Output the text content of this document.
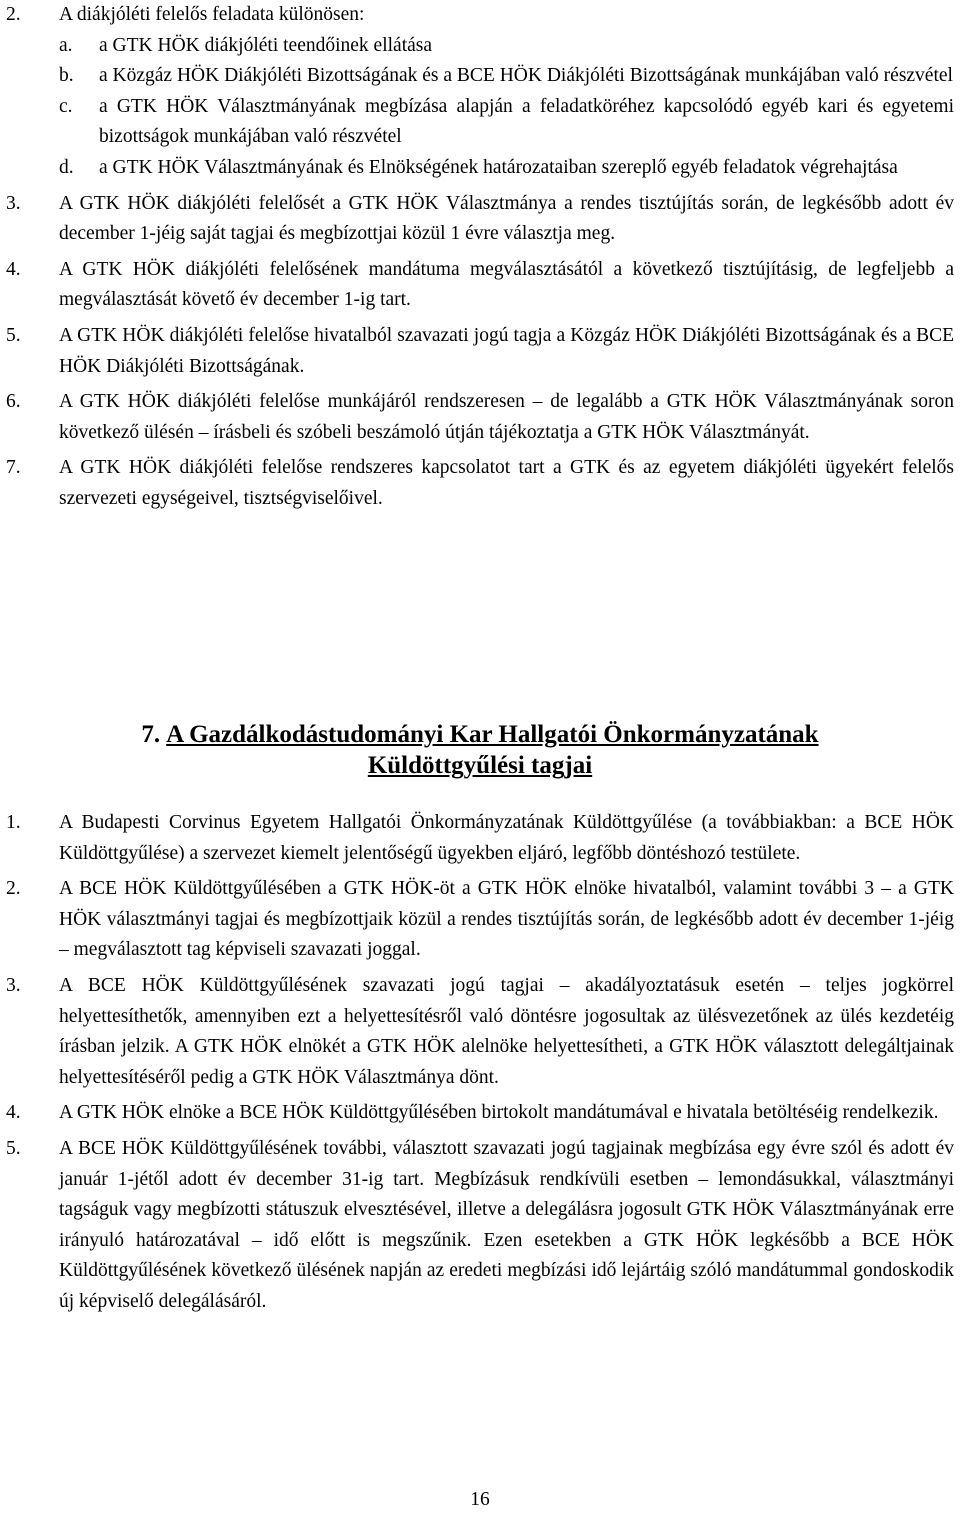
2. A diákjóléti felelős feladata különösen:
a. a GTK HÖK diákjóléti teendőinek ellátása
b. a Közgáz HÖK Diákjóléti Bizottságának és a BCE HÖK Diákjóléti Bizottságának munkájában való részvétel
c. a GTK HÖK Választmányának megbízása alapján a feladatköréhez kapcsolódó egyéb kari és egyetemi bizottságok munkájában való részvétel
d. a GTK HÖK Választmányának és Elnökségének határozataiban szereplő egyéb feladatok végrehajtása
3. A GTK HÖK diákjóléti felelősét a GTK HÖK Választmánya a rendes tisztújítás során, de legkésőbb adott év december 1-jéig saját tagjai és megbízottjai közül 1 évre választja meg.
4. A GTK HÖK diákjóléti felelősének mandátuma megválasztásától a következő tisztújításig, de legfeljebb a megválasztását követő év december 1-ig tart.
5. A GTK HÖK diákjóléti felelőse hivatalból szavazati jogú tagja a Közgáz HÖK Diákjóléti Bizottságának és a BCE HÖK Diákjóléti Bizottságának.
6. A GTK HÖK diákjóléti felelőse munkájáról rendszeresen – de legalább a GTK HÖK Választmányának soron következő ülésén – írásbeli és szóbeli beszámoló útján tájékoztatja a GTK HÖK Választmányát.
7. A GTK HÖK diákjóléti felelőse rendszeres kapcsolatot tart a GTK és az egyetem diákjóléti ügyekért felelős szervezeti egységeivel, tisztségviselőivel.
7. A Gazdálkodástudományi Kar Hallgatói Önkormányzatának
Küldöttgyűlési tagjai
1. A Budapesti Corvinus Egyetem Hallgatói Önkormányzatának Küldöttgyűlése (a továbbiakban: a BCE HÖK Küldöttgyűlése) a szervezet kiemelt jelentőségű ügyekben eljáró, legfőbb döntéshozó testülete.
2. A BCE HÖK Küldöttgyűlésében a GTK HÖK-öt a GTK HÖK elnöke hivatalból, valamint további 3 – a GTK HÖK választmányi tagjai és megbízottjaik közül a rendes tisztújítás során, de legkésőbb adott év december 1-jéig – megválasztott tag képviseli szavazati joggal.
3. A BCE HÖK Küldöttgyűlésének szavazati jogú tagjai – akadályoztatásuk esetén – teljes jogkörrel helyettesíthetők, amennyiben ezt a helyettesítésről való döntésre jogosultak az ülésvezetőnek az ülés kezdetéig írásban jelzik. A GTK HÖK elnökét a GTK HÖK alelnöke helyettesítheti, a GTK HÖK választott delegáltjainak helyettesítéséről pedig a GTK HÖK Választmánya dönt.
4. A GTK HÖK elnöke a BCE HÖK Küldöttgyűlésében birtokolt mandátumával e hivatala betöltéséig rendelkezik.
5. A BCE HÖK Küldöttgyűlésének további, választott szavazati jogú tagjainak megbízása egy évre szól és adott év január 1-jétől adott év december 31-ig tart. Megbízásuk rendkívüli esetben – lemondásukkal, választmányi tagságuk vagy megbízotti státuszuk elvesztésével, illetve a delegálásra jogosult GTK HÖK Választmányának erre irányuló határozatával – idő előtt is megszűnik. Ezen esetekben a GTK HÖK legkésőbb a BCE HÖK Küldöttgyűlésének következő ülésének napján az eredeti megbízási idő lejártáig szóló mandátummal gondoskodik új képviselő delegálásáról.
16
